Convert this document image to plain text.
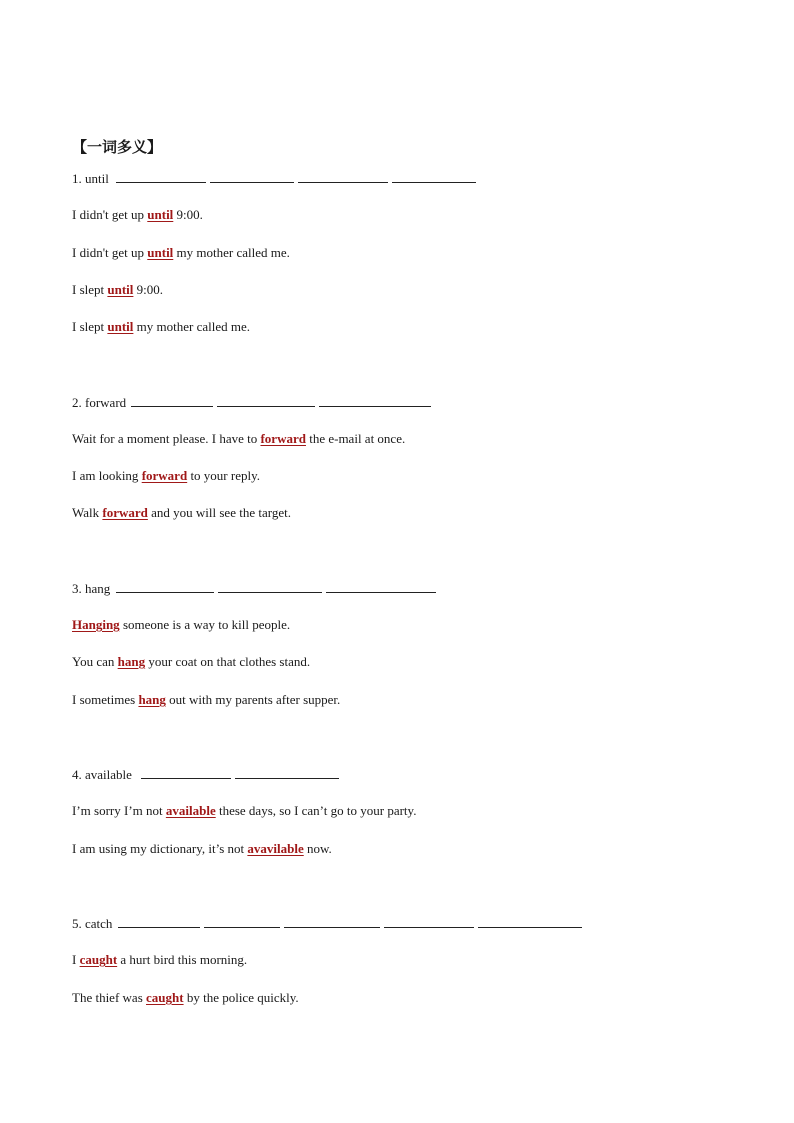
【一词多义】
1. until
I didn't get up until 9:00.
I didn't get up until my mother called me.
I slept until 9:00.
I slept until my mother called me.
2. forward
Wait for a moment please. I have to forward the e-mail at once.
I am looking forward to your reply.
Walk forward and you will see the target.
3. hang
Hanging someone is a way to kill people.
You can hang your coat on that clothes stand.
I sometimes hang out with my parents after supper.
4. available
I’m sorry I’m not available these days, so I can’t go to your party.
I am using my dictionary, it’s not avavilable now.
5. catch
I caught a hurt bird this morning.
The thief was caught by the police quickly.
